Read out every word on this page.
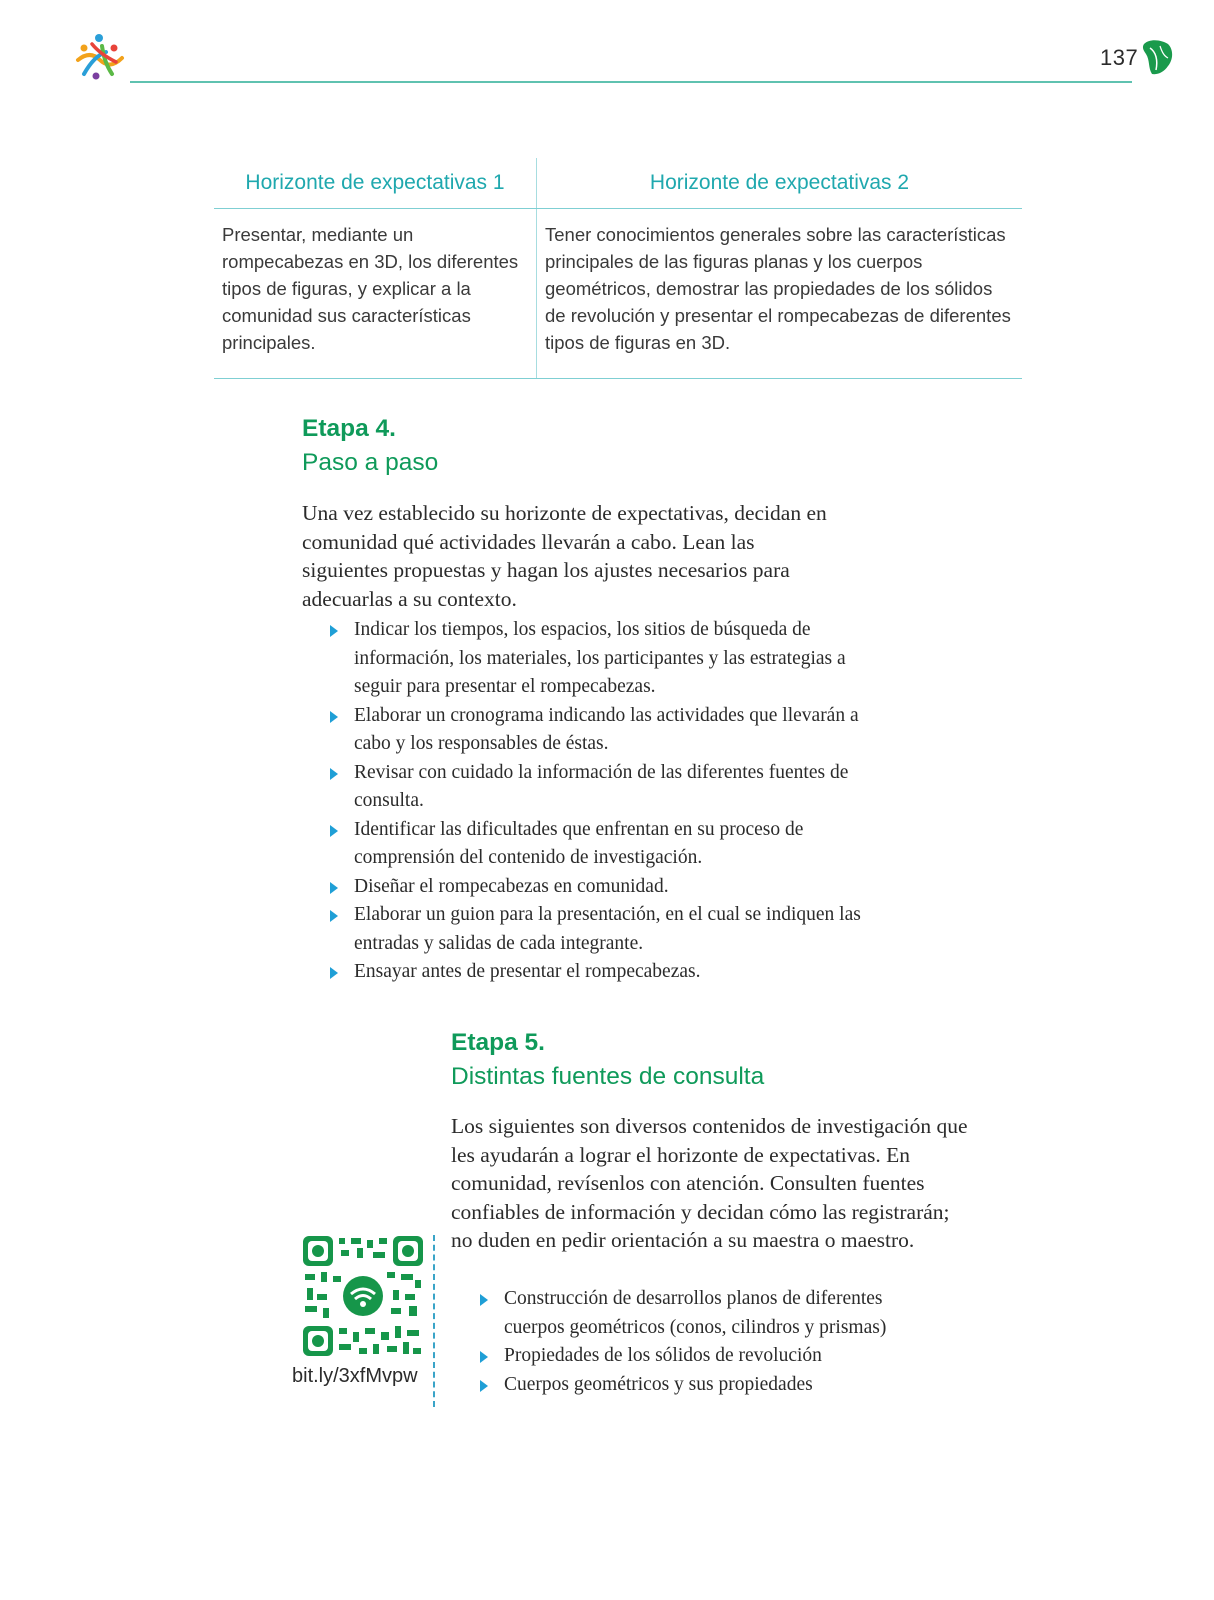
137
Horizonte de expectativas 1	Horizonte de expectativas 2
Presentar, mediante un rompecabezas en 3D, los diferentes tipos de figuras, y explicar a la comunidad sus características principales.	Tener conocimientos generales sobre las características principales de las figuras planas y los cuerpos geométricos, demostrar las propiedades de los sólidos de revolución y presentar el rompecabezas de diferentes tipos de figuras en 3D.
Etapa 4.
Paso a paso
Una vez establecido su horizonte de expectativas, decidan en comunidad qué actividades llevarán a cabo. Lean las siguientes propuestas y hagan los ajustes necesarios para adecuarlas a su contexto.
Indicar los tiempos, los espacios, los sitios de búsqueda de información, los materiales, los participantes y las estrategias a seguir para presentar el rompecabezas.
Elaborar un cronograma indicando las actividades que llevarán a cabo y los responsables de éstas.
Revisar con cuidado la información de las diferentes fuentes de consulta.
Identificar las dificultades que enfrentan en su proceso de comprensión del contenido de investigación.
Diseñar el rompecabezas en comunidad.
Elaborar un guion para la presentación, en el cual se indiquen las entradas y salidas de cada integrante.
Ensayar antes de presentar el rompecabezas.
Etapa 5.
Distintas fuentes de consulta
Los siguientes son diversos contenidos de investigación que les ayudarán a lograr el horizonte de expectativas. En comunidad, revísenlos con atención. Consulten fuentes confiables de información y decidan cómo las registrarán; no duden en pedir orientación a su maestra o maestro.
Construcción de desarrollos planos de diferentes cuerpos geométricos (conos, cilindros y prismas)
Propiedades de los sólidos de revolución
Cuerpos geométricos y sus propiedades
bit.ly/3xfMvpw
